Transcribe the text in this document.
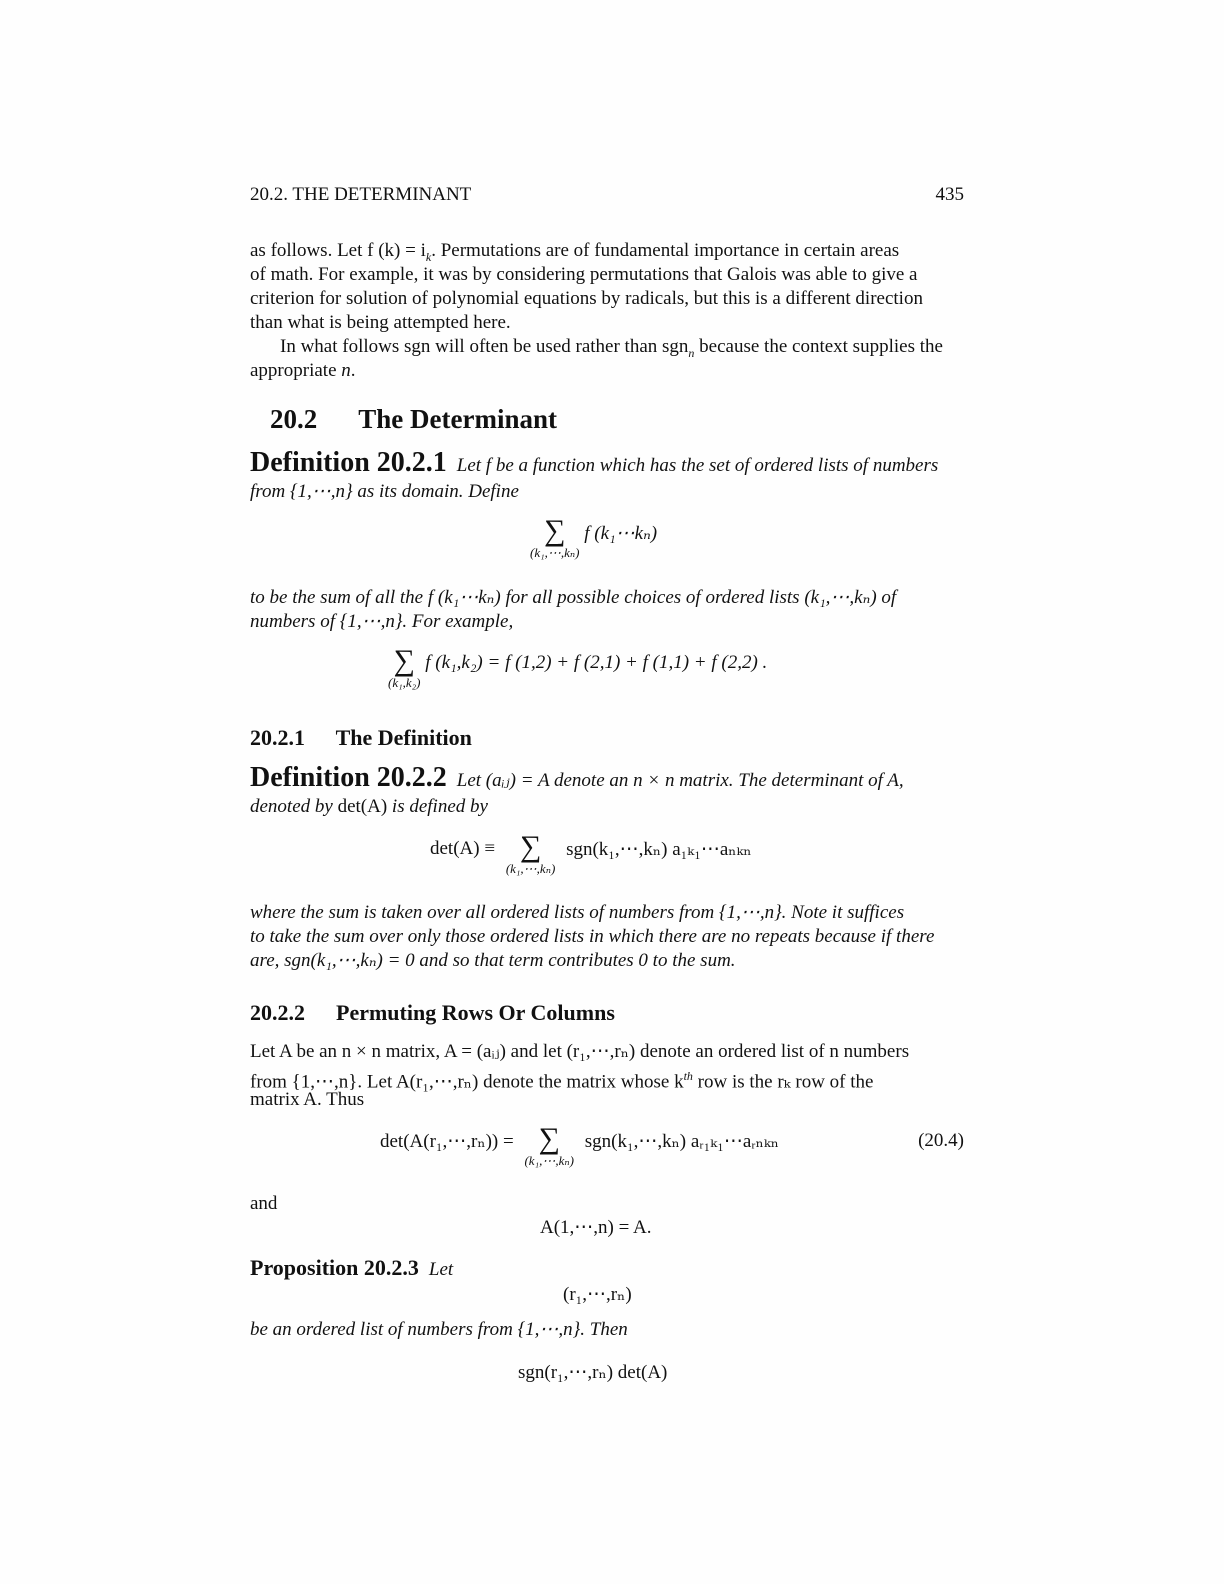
20.2. THE DETERMINANT	435
as follows. Let f $(k) = i_k$. Permutations are of fundamental importance in certain areas
of math. For example, it was by considering permutations that Galois was able to give a
criterion for solution of polynomial equations by radicals, but this is a different direction
than what is being attempted here.
In what follows sgn will often be used rather than sgn$_n$ because the context supplies the
appropriate n.
20.2 The Determinant
Definition 20.2.1 Let f be a function which has the set of ordered lists of numbers
from {1,⋯,n} as its domain. Define
∑
(k₁,⋯,kₙ)
f (k₁⋯kₙ)
to be the sum of all the f (k₁⋯kₙ) for all possible choices of ordered lists (k₁,⋯,kₙ) of
numbers of {1,⋯,n}. For example,
∑
(k₁,k₂)
f (k₁,k₂) = f (1,2) + f (2,1) + f (1,1) + f (2,2) .
20.2.1 The Definition
Definition 20.2.2 Let (aᵢⱼ) = A denote an n × n matrix. The determinant of A,
denoted by det(A) is defined by
det(A) ≡ ∑
(k₁,⋯,kₙ)
sgn(k₁,⋯,kₙ) a₁ₖ₁⋯aₙₖₙ
where the sum is taken over all ordered lists of numbers from {1,⋯,n}. Note it suffices
to take the sum over only those ordered lists in which there are no repeats because if there
are, sgn(k₁,⋯,kₙ) = 0 and so that term contributes 0 to the sum.
20.2.2 Permuting Rows Or Columns
Let A be an n × n matrix, A = (aᵢⱼ) and let (r₁,⋯,rₙ) denote an ordered list of n numbers
from {1,⋯,n}. Let A(r₁,⋯,rₙ) denote the matrix whose $k^{th}$ row is the rₖ row of the
matrix A. Thus
det(A(r₁,⋯,rₙ)) = ∑
(k₁,⋯,kₙ)
sgn(k₁,⋯,kₙ) aᵣ₁ₖ₁⋯aᵣₙₖₙ	(20.4)
and
A(1,⋯,n) = A.
Proposition 20.2.3 Let
(r₁,⋯,rₙ)
be an ordered list of numbers from {1,⋯,n}. Then
sgn(r₁,⋯,rₙ) det(A)
